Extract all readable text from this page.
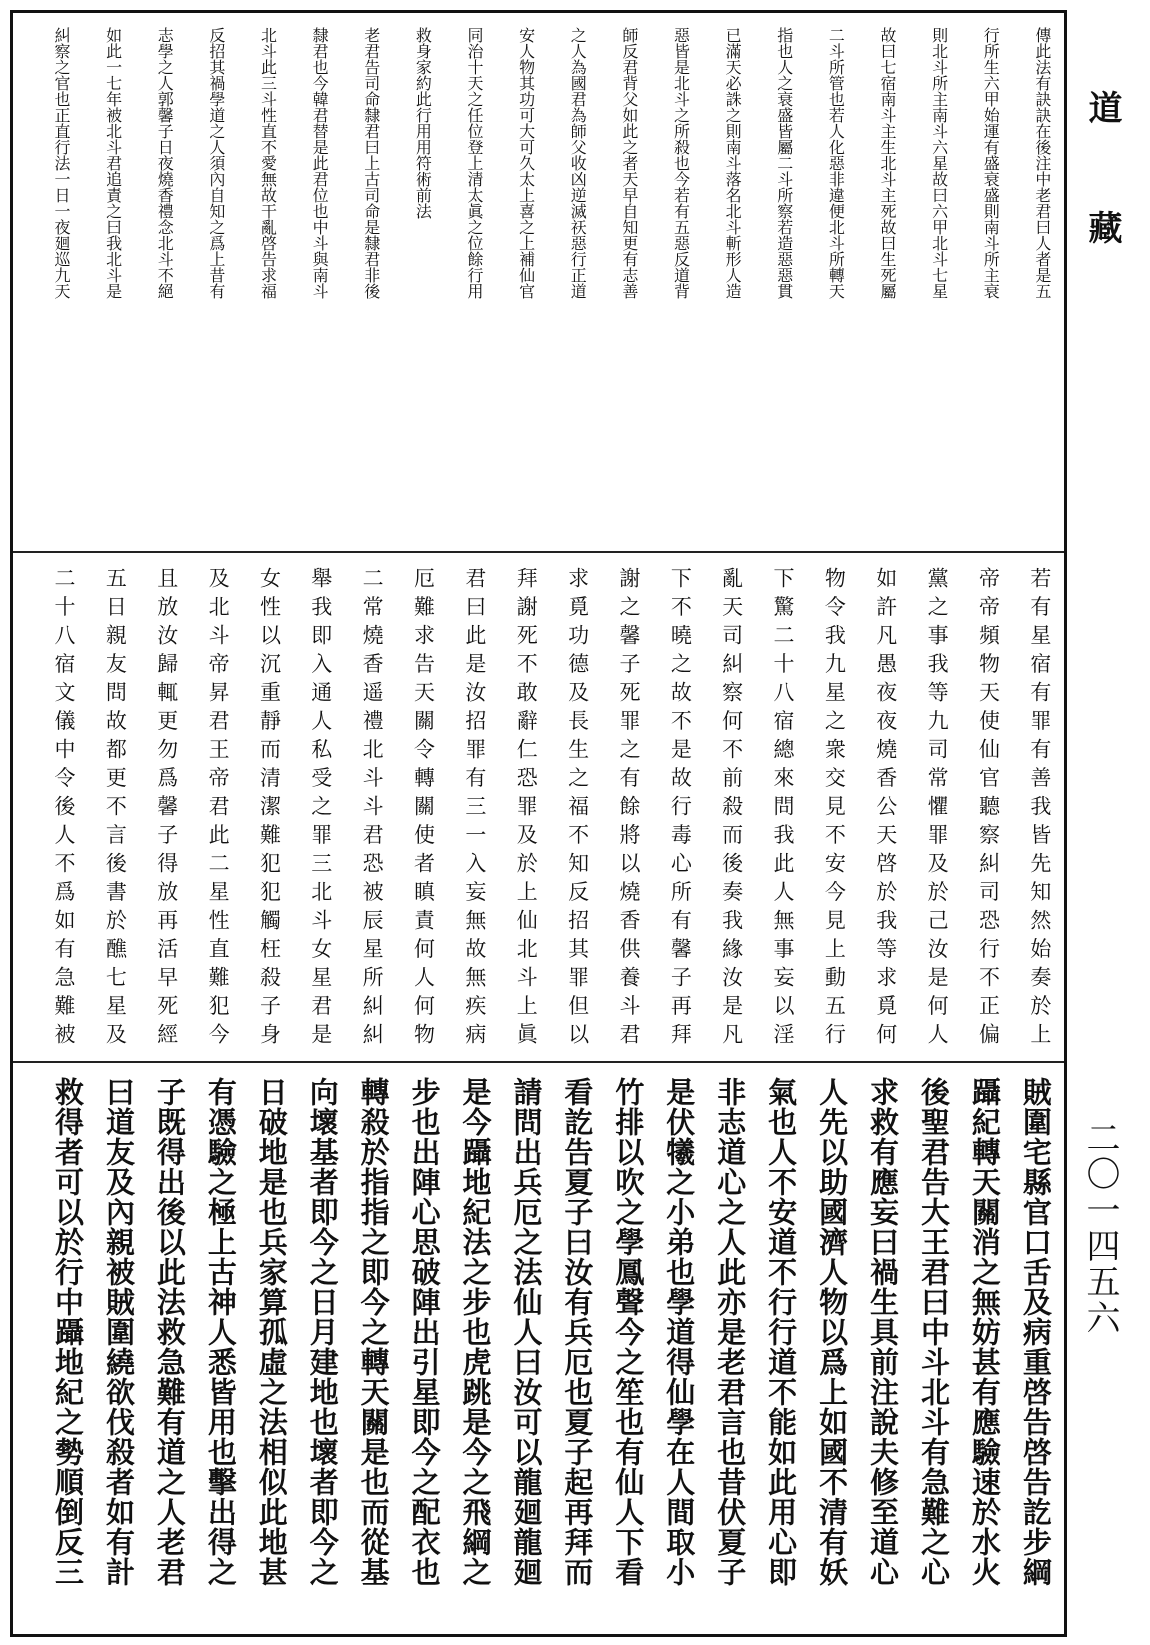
傳此法有訣訣在後注中老君曰人者是五
行所生六甲始運有盛衰盛則南斗所主衰
則北斗所主南斗六星故曰六甲北斗七星
故曰七宿南斗主生北斗主死故曰生死屬
二斗所管也若人化惡非違便北斗所轉天
指也人之衰盛皆屬二斗所察若造惡惡貫
已滿天必誅之則南斗落名北斗斬形人造
惡皆是北斗之所殺也今若有五惡反道背
師反君背父如此之者天早自知更有志善
之人為國君為師父收凶逆滅祆惡行正道
安人物其功可大可久太上喜之上補仙官
同治十天之任位登上清太眞之位餘行用
救身家約此行用用符術前法
老君告司命隸君曰上古司命是隸君非後
隸君也今韓君替是此君位也中斗與南斗
北斗此三斗性直不愛無故干亂啓告求福
反招其禍學道之人須內自知之爲上昔有
志學之人郭馨子日夜燒香禮念北斗不絕
如此一七年被北斗君追責之曰我北斗是
糾察之官也正直行法一日一夜廻巡九天
若有星宿有罪有善我皆先知然始奏於上
帝帝頻物天使仙官聽察糾司恐行不正偏
黨之事我等九司常懼罪及於己汝是何人
如許凡愚夜夜燒香公天啓於我等求覓何
物令我九星之衆交見不安今見上動五行
下驚二十八宿總來問我此人無事妄以淫
亂天司糾察何不前殺而後奏我緣汝是凡
下不曉之故不是故行毒心所有馨子再拜
謝之馨子死罪之有餘將以燒香供養斗君
求覓功德及長生之福不知反招其罪但以
拜謝死不敢辭仁恐罪及於上仙北斗上眞
君曰此是汝招罪有三一入妄無故無疾病
厄難求告天關令轉關使者瞋責何人何物
二常燒香遥禮北斗斗君恐被辰星所糾糾
舉我即入通人私受之罪三北斗女星君是
女性以沉重靜而清潔難犯犯觸枉殺子身
及北斗帝昇君王帝君此二星性直難犯今
且放汝歸輒更勿爲馨子得放再活早死經
五日親友問故都更不言後書於醮七星及
二十八宿文儀中令後人不爲如有急難被
賊圍宅縣官口舌及病重啓告啓告訖步綱
躡紀轉天關消之無妨甚有應驗速於水火
後聖君告大王君曰中斗北斗有急難之心
求救有應妄曰禍生具前注說夫修至道心
人先以助國濟人物以爲上如國不清有妖
氣也人不安道不行行道不能如此用心即
非志道心之人此亦是老君言也昔伏夏子
是伏犧之小弟也學道得仙學在人間取小
竹排以吹之學鳳聲今之笙也有仙人下看
看訖告夏子曰汝有兵厄也夏子起再拜而
請問出兵厄之法仙人曰汝可以龍廻龍廻
是今躡地紀法之步也虎跳是今之飛綱之
步也出陣心思破陣出引星即今之配衣也
轉殺於指指之即今之轉天關是也而從基
向壞基者即今之日月建地也壞者即今之
日破地是也兵家算孤虛之法相似此地甚
有憑驗之極上古神人悉皆用也擊出得之
子既得出後以此法救急難有道之人老君
曰道友及內親被賊圍繞欲伐殺者如有計
救得者可以於行中躡地紀之勢順倒反三
道
藏
二〇一四五六
